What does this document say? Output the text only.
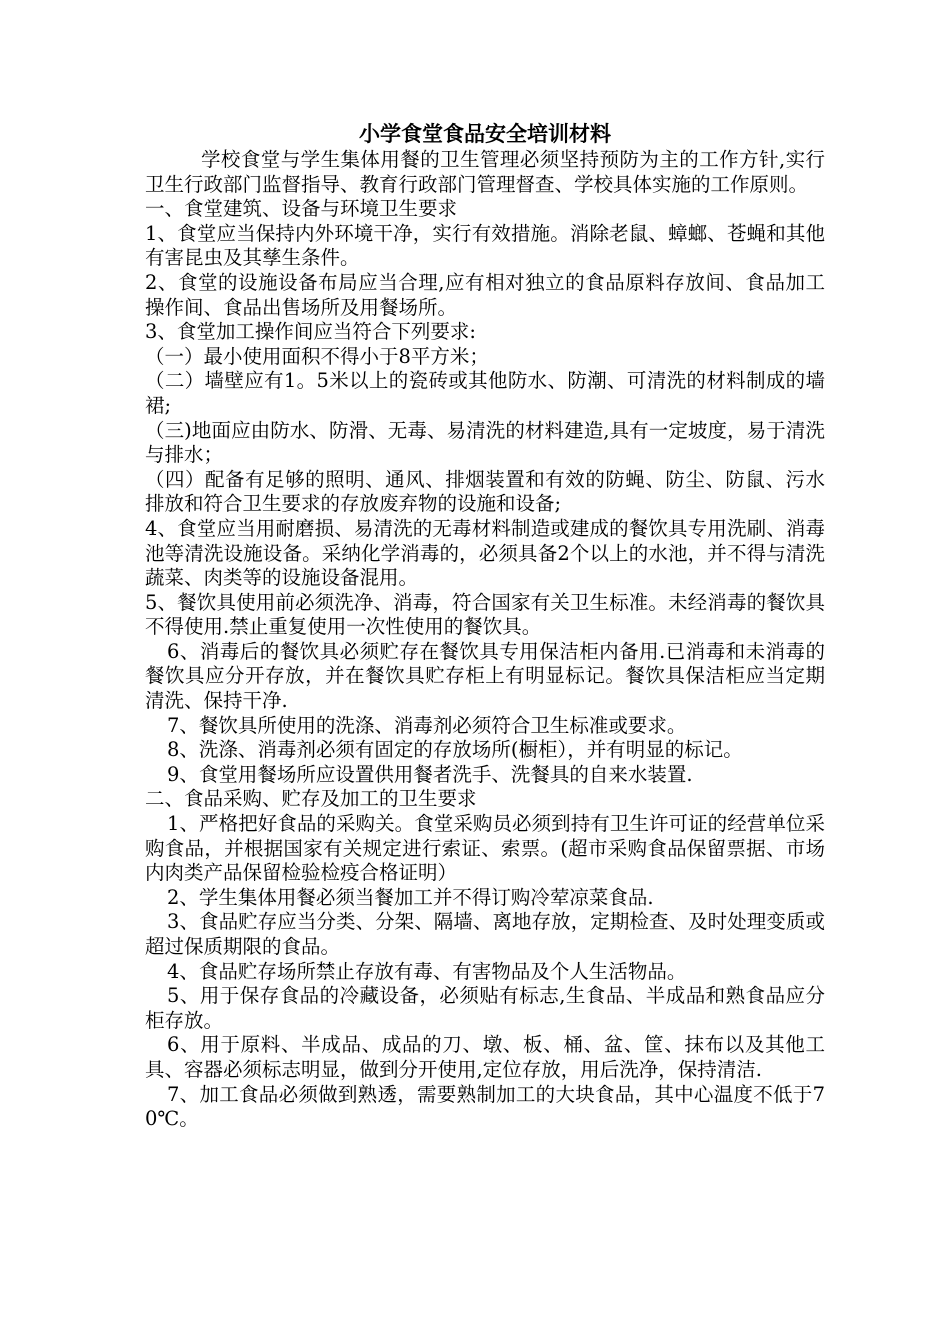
小学食堂食品安全培训材料

学校食堂与学生集体用餐的卫生管理必须坚持预防为主的工作方针,实行卫生行政部门监督指导、教育行政部门管理督查、学校具体实施的工作原则。

一、食堂建筑、设备与环境卫生要求

1、食堂应当保持内外环境干净，实行有效措施。消除老鼠、蟑螂、苍蝇和其他有害昆虫及其孳生条件。

2、食堂的设施设备布局应当合理,应有相对独立的食品原料存放间、食品加工操作间、食品出售场所及用餐场所。

3、食堂加工操作间应当符合下列要求:

（一）最小使用面积不得小于8平方米；

（二）墙壁应有1。5米以上的瓷砖或其他防水、防潮、可清洗的材料制成的墙裙;

（三)地面应由防水、防滑、无毒、易清洗的材料建造,具有一定坡度，易于清洗与排水；

（四）配备有足够的照明、通风、排烟装置和有效的防蝇、防尘、防鼠、污水排放和符合卫生要求的存放废弃物的设施和设备;

4、食堂应当用耐磨损、易清洗的无毒材料制造或建成的餐饮具专用洗刷、消毒池等清洗设施设备。采纳化学消毒的，必须具备2个以上的水池，并不得与清洗蔬菜、肉类等的设施设备混用。

5、餐饮具使用前必须洗净、消毒，符合国家有关卫生标准。未经消毒的餐饮具不得使用.禁止重复使用一次性使用的餐饮具。

6、消毒后的餐饮具必须贮存在餐饮具专用保洁柜内备用.已消毒和未消毒的餐饮具应分开存放，并在餐饮具贮存柜上有明显标记。餐饮具保洁柜应当定期清洗、保持干净.

7、餐饮具所使用的洗涤、消毒剂必须符合卫生标准或要求。

8、洗涤、消毒剂必须有固定的存放场所(橱柜），并有明显的标记。

9、食堂用餐场所应设置供用餐者洗手、洗餐具的自来水装置.

二、食品采购、贮存及加工的卫生要求

1、严格把好食品的采购关。食堂采购员必须到持有卫生许可证的经营单位采购食品，并根据国家有关规定进行索证、索票。(超市采购食品保留票据、市场内肉类产品保留检验检疫合格证明）

2、学生集体用餐必须当餐加工并不得订购冷荤凉菜食品.

3、食品贮存应当分类、分架、隔墙、离地存放，定期检查、及时处理变质或超过保质期限的食品。

4、食品贮存场所禁止存放有毒、有害物品及个人生活物品。

5、用于保存食品的冷藏设备，必须贴有标志,生食品、半成品和熟食品应分柜存放。

6、用于原料、半成品、成品的刀、墩、板、桶、盆、筐、抹布以及其他工具、容器必须标志明显，做到分开使用,定位存放，用后洗净，保持清洁.

7、加工食品必须做到熟透，需要熟制加工的大块食品，其中心温度不低于70℃。
